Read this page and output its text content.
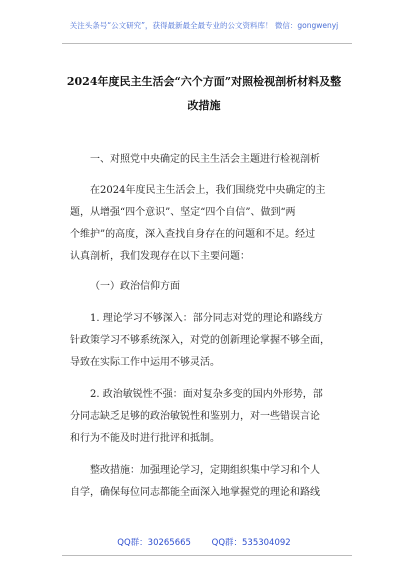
关注头条号“公文研究”，获得最新最全最专业的公文资料库！ 微信：gongwenyj
2024年度民主生活会“六个方面”对照检视剖析材料及整
改措施
一、对照党中央确定的民主生活会主题进行检视剖析
在2024年度民主生活会上，我们围绕党中央确定的主
题，从增强“四个意识”、坚定“四个自信”、做到“两
个维护”的高度，深入查找自身存在的问题和不足。经过
认真剖析，我们发现存在以下主要问题：
（一）政治信仰方面
1. 理论学习不够深入：部分同志对党的理论和路线方
针政策学习不够系统深入，对党的创新理论掌握不够全面，
导致在实际工作中运用不够灵活。
2. 政治敏锐性不强：面对复杂多变的国内外形势，部
分同志缺乏足够的政治敏锐性和鉴别力，对一些错误言论
和行为不能及时进行批评和抵制。
整改措施：加强理论学习，定期组织集中学习和个人
自学，确保每位同志都能全面深入地掌握党的理论和路线
QQ群：30265665 QQ群：535304092
